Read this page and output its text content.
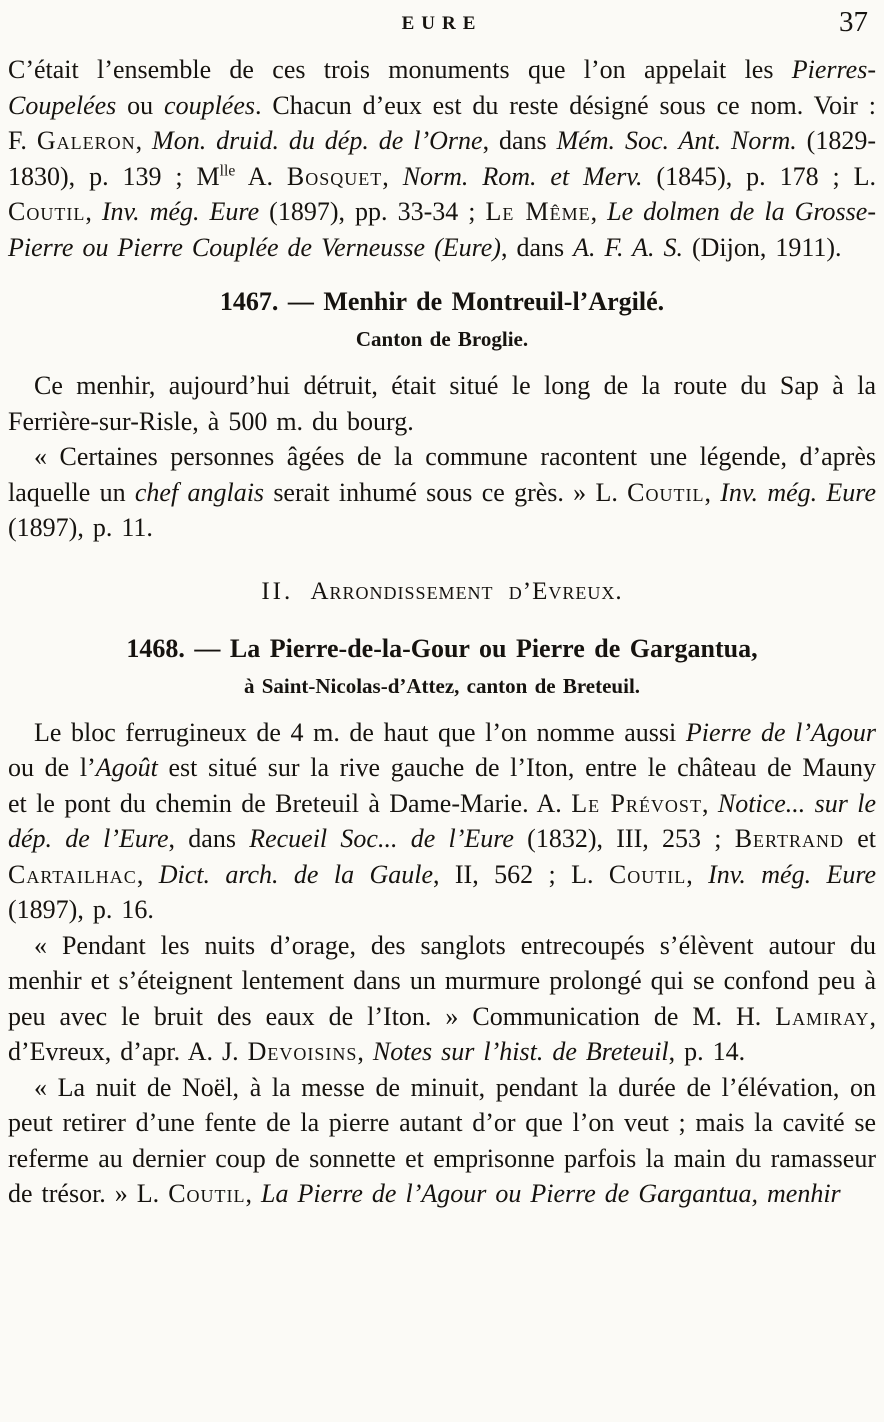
EURE	37

C’était l’ensemble de ces trois monuments que l’on appelait les Pierres-Coupelées ou couplées. Chacun d’eux est du reste désigné sous ce nom. Voir : F. Galeron, Mon. druid. du dép. de l’Orne, dans Mém. Soc. Ant. Norm. (1829-1830), p. 139 ; $M^{lle}$ A. Bosquet, Norm. Rom. et Merv. (1845), p. 178 ; L. Coutil, Inv. még. Eure (1897), pp. 33-34 ; Le Même, Le dolmen de la Grosse-Pierre ou Pierre Couplée de Verneusse (Eure), dans A. F. A. S. (Dijon, 1911).

1467. — Menhir de Montreuil-l’Argilé.
Canton de Broglie.

Ce menhir, aujourd’hui détruit, était situé le long de la route du Sap à la Ferrière-sur-Risle, à 500 m. du bourg.

« Certaines personnes âgées de la commune racontent une légende, d’après laquelle un chef anglais serait inhumé sous ce grès. » L. Coutil, Inv. még. Eure (1897), p. 11.

II. Arrondissement d’Evreux.
1468. — La Pierre-de-la-Gour ou Pierre de Gargantua,
à Saint-Nicolas-d’Attez, canton de Breteuil.

Le bloc ferrugineux de 4 m. de haut que l’on nomme aussi Pierre de l’Agour ou de l’Agoût est situé sur la rive gauche de l’Iton, entre le château de Mauny et le pont du chemin de Breteuil à Dame-Marie. A. Le Prévost, Notice... sur le dép. de l’Eure, dans Recueil Soc... de l’Eure (1832), III, 253 ; Bertrand et Cartailhac, Dict. arch. de la Gaule, II, 562 ; L. Coutil, Inv. még. Eure (1897), p. 16.

« Pendant les nuits d’orage, des sanglots entrecoupés s’élèvent autour du menhir et s’éteignent lentement dans un murmure prolongé qui se confond peu à peu avec le bruit des eaux de l’Iton. » Communication de M. H. Lamiray, d’Evreux, d’apr. A. J. Devoisins, Notes sur l’hist. de Breteuil, p. 14.

« La nuit de Noël, à la messe de minuit, pendant la durée de l’élévation, on peut retirer d’une fente de la pierre autant d’or que l’on veut ; mais la cavité se referme au dernier coup de sonnette et emprisonne parfois la main du ramasseur de trésor. » L. Coutil, La Pierre de l’Agour ou Pierre de Gargantua, menhir
